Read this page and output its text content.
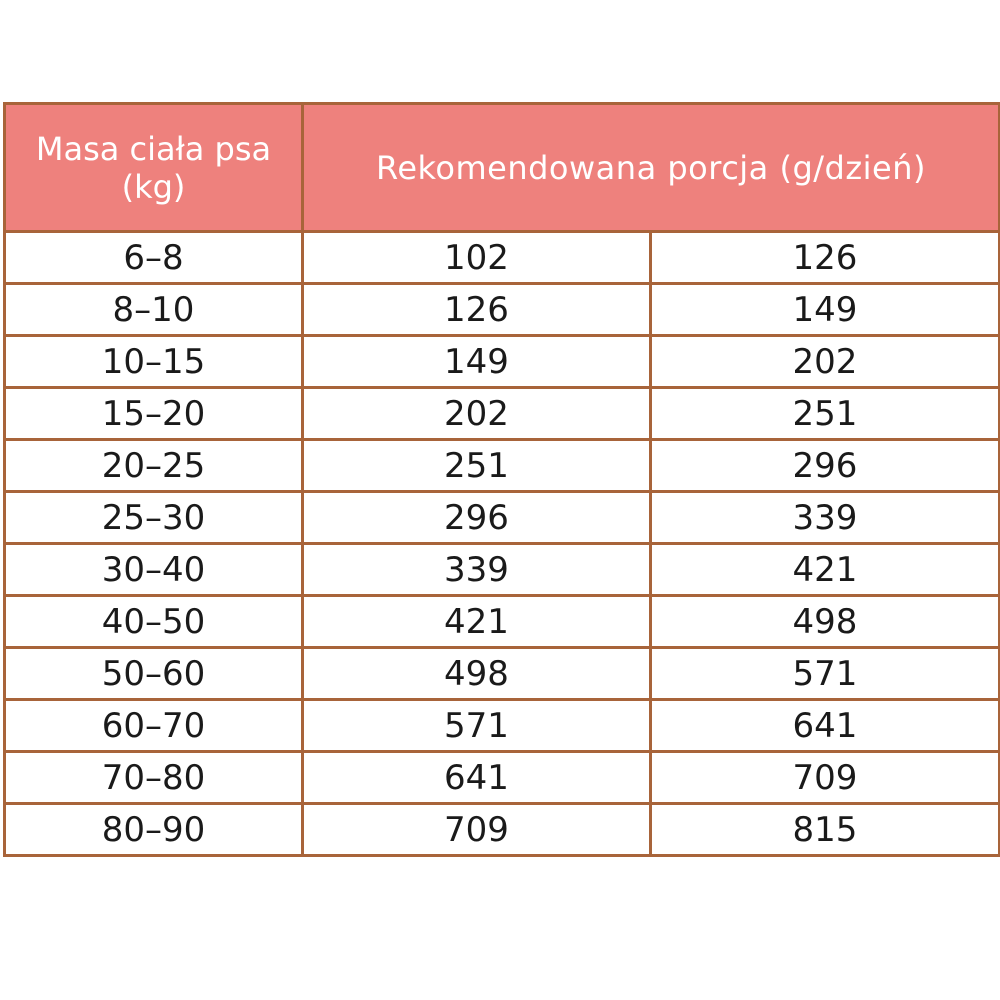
Masa ciała psa (kg)	Rekomendowana porcja (g/dzień)	
6–8	102	126
8–10	126	149
10–15	149	202
15–20	202	251
20–25	251	296
25–30	296	339
30–40	339	421
40–50	421	498
50–60	498	571
60–70	571	641
70–80	641	709
80–90	709	815
